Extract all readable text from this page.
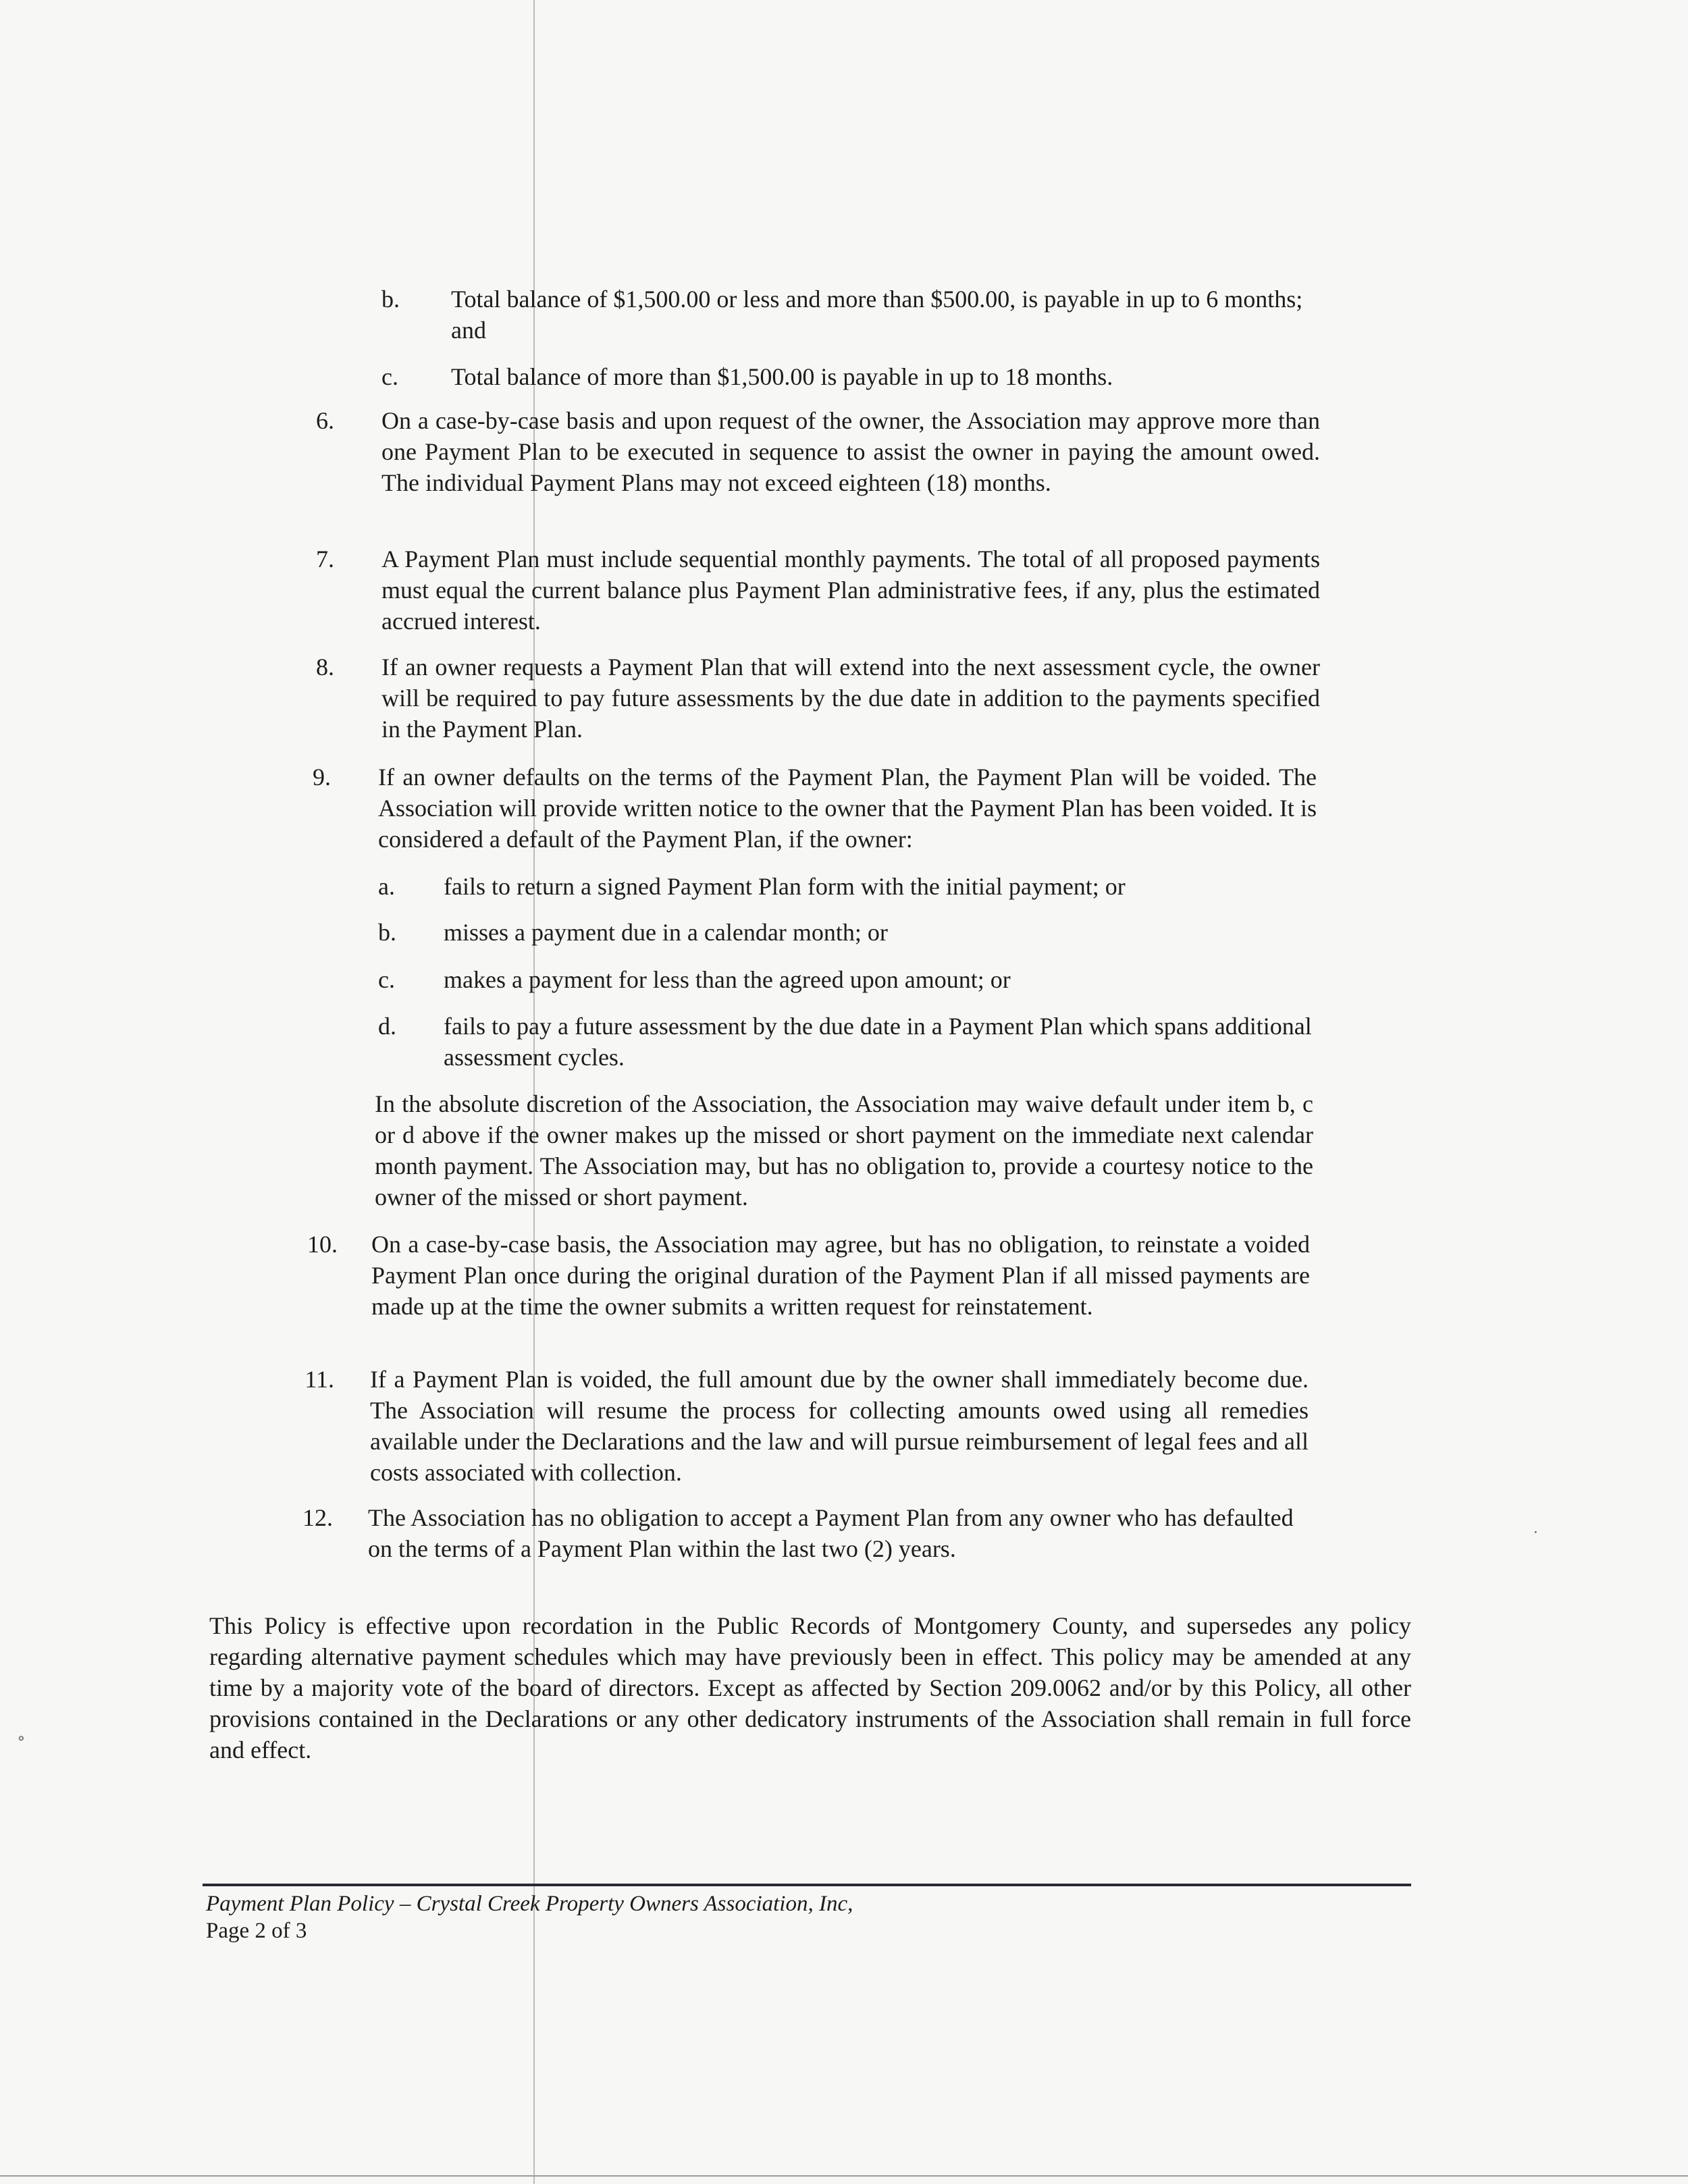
b. Total balance of $1,500.00 or less and more than $500.00, is payable in up to 6 months; and
c. Total balance of more than $1,500.00 is payable in up to 18 months.
6. On a case-by-case basis and upon request of the owner, the Association may approve more than one Payment Plan to be executed in sequence to assist the owner in paying the amount owed. The individual Payment Plans may not exceed eighteen (18) months.
7. A Payment Plan must include sequential monthly payments. The total of all proposed payments must equal the current balance plus Payment Plan administrative fees, if any, plus the estimated accrued interest.
8. If an owner requests a Payment Plan that will extend into the next assessment cycle, the owner will be required to pay future assessments by the due date in addition to the payments specified in the Payment Plan.
9. If an owner defaults on the terms of the Payment Plan, the Payment Plan will be voided. The Association will provide written notice to the owner that the Payment Plan has been voided. It is considered a default of the Payment Plan, if the owner:
a. fails to return a signed Payment Plan form with the initial payment; or
b. misses a payment due in a calendar month; or
c. makes a payment for less than the agreed upon amount; or
d. fails to pay a future assessment by the due date in a Payment Plan which spans additional assessment cycles.
In the absolute discretion of the Association, the Association may waive default under item b, c or d above if the owner makes up the missed or short payment on the immediate next calendar month payment. The Association may, but has no obligation to, provide a courtesy notice to the owner of the missed or short payment.
10. On a case-by-case basis, the Association may agree, but has no obligation, to reinstate a voided Payment Plan once during the original duration of the Payment Plan if all missed payments are made up at the time the owner submits a written request for reinstatement.
11. If a Payment Plan is voided, the full amount due by the owner shall immediately become due. The Association will resume the process for collecting amounts owed using all remedies available under the Declarations and the law and will pursue reimbursement of legal fees and all costs associated with collection.
12. The Association has no obligation to accept a Payment Plan from any owner who has defaulted on the terms of a Payment Plan within the last two (2) years.
This Policy is effective upon recordation in the Public Records of Montgomery County, and supersedes any policy regarding alternative payment schedules which may have previously been in effect. This policy may be amended at any time by a majority vote of the board of directors. Except as affected by Section 209.0062 and/or by this Policy, all other provisions contained in the Declarations or any other dedicatory instruments of the Association shall remain in full force and effect.
Payment Plan Policy – Crystal Creek Property Owners Association, Inc,
Page 2 of 3
∘
·
